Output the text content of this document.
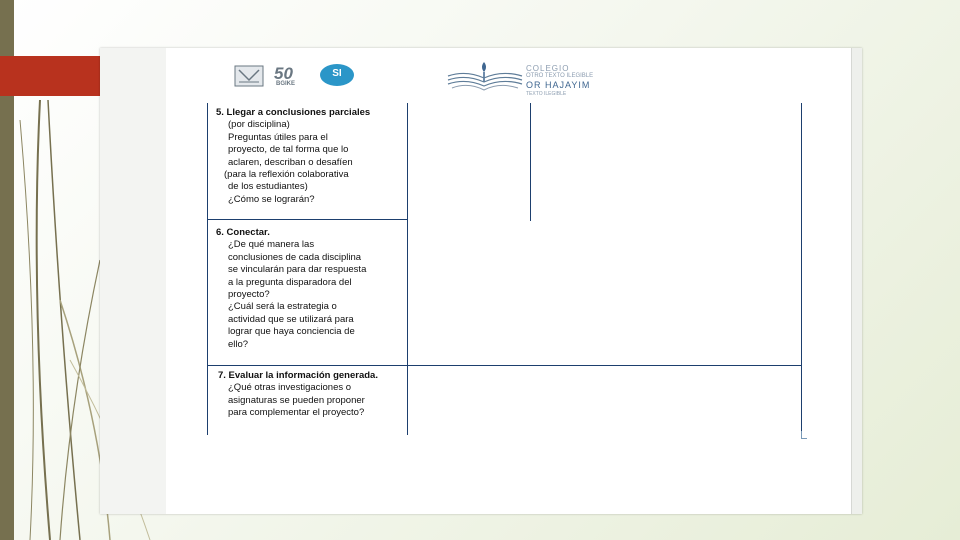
50
BGIKE
SI	COLEGIO
OTRO TEXTO ILEGIBLE
OR HAJAYIM
TEXTO ILEGIBLE
5. Llegar a conclusiones parciales
(por disciplina)
Preguntas útiles para el
proyecto, de tal forma que lo
aclaren, describan o desafíen
(para la reflexión colaborativa
de los estudiantes)
¿Cómo se lograrán?
6. Conectar.
¿De qué manera las
conclusiones de cada disciplina
se vincularán para dar respuesta
a la pregunta disparadora del
proyecto?
¿Cuál será la estrategia o
actividad que se utilizará para
lograr que haya conciencia de
ello?
7. Evaluar la información generada.
¿Qué otras investigaciones o
asignaturas se pueden proponer
para complementar el proyecto?
